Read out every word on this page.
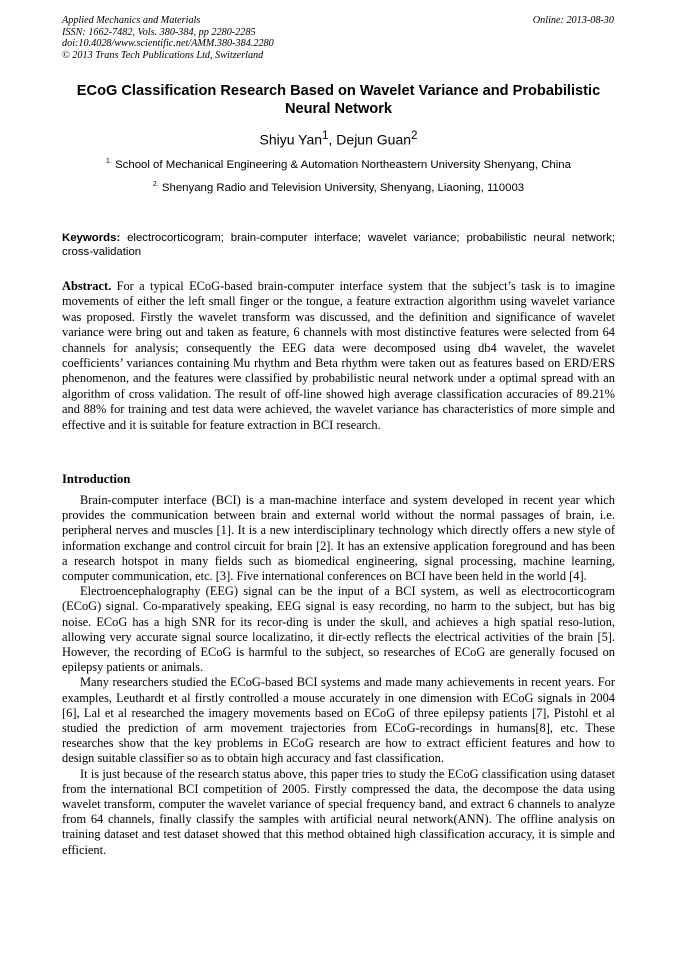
Applied Mechanics and Materials
ISSN: 1662-7482, Vols. 380-384, pp 2280-2285
doi:10.4028/www.scientific.net/AMM.380-384.2280
© 2013 Trans Tech Publications Ltd, Switzerland
Online: 2013-08-30
ECoG Classification Research Based on Wavelet Variance and Probabilistic Neural Network
Shiyu Yan$^1$, Dejun Guan$^2$
$^{1.}$ School of Mechanical Engineering & Automation Northeastern University Shenyang, China
$^{2.}$ Shenyang Radio and Television University, Shenyang, Liaoning, 110003
Keywords: electrocorticogram; brain-computer interface; wavelet variance; probabilistic neural network; cross-validation
Abstract. For a typical ECoG-based brain-computer interface system that the subject’s task is to imagine movements of either the left small finger or the tongue, a feature extraction algorithm using wavelet variance was proposed. Firstly the wavelet transform was discussed, and the definition and significance of wavelet variance were bring out and taken as feature, 6 channels with most distinctive features were selected from 64 channels for analysis; consequently the EEG data were decomposed using db4 wavelet, the wavelet coefficients’ variances containing Mu rhythm and Beta rhythm were taken out as features based on ERD/ERS phenomenon, and the features were classified by probabilistic neural network under a optimal spread with an algorithm of cross validation. The result of off-line showed high average classification accuracies of 89.21% and 88% for training and test data were achieved, the wavelet variance has characteristics of more simple and effective and it is suitable for feature extraction in BCI research.
Introduction

Brain-computer interface (BCI) is a man-machine interface and system developed in recent year which provides the communication between brain and external world without the normal passages of brain, i.e. peripheral nerves and muscles [1]. It is a new interdisciplinary technology which directly offers a new style of information exchange and control circuit for brain [2]. It has an extensive application foreground and has been a research hotspot in many fields such as biomedical engineering, signal processing, machine learning, computer communication, etc. [3]. Five international conferences on BCI have been held in the world [4].

Electroencephalography (EEG) signal can be the input of a BCI system, as well as electrocorticogram (ECoG) signal. Co-mparatively speaking, EEG signal is easy recording, no harm to the subject, but has big noise. ECoG has a high SNR for its recor-ding is under the skull, and achieves a high spatial reso-lution, allowing very accurate signal source localizatino, it dir-ectly reflects the electrical activities of the brain [5]. However, the recording of ECoG is harmful to the subject, so researches of ECoG are generally focused on epilepsy patients or animals.

Many researchers studied the ECoG-based BCI systems and made many achievements in recent years. For examples, Leuthardt et al firstly controlled a mouse accurately in one dimension with ECoG signals in 2004 [6], Lal et al researched the imagery movements based on ECoG of three epilepsy patients [7], Pistohl et al studied the prediction of arm movement trajectories from ECoG-recordings in humans[8], etc. These researches show that the key problems in ECoG research are how to extract efficient features and how to design suitable classifier so as to obtain high accuracy and fast classification.

It is just because of the research status above, this paper tries to study the ECoG classification using dataset from the international BCI competition of 2005. Firstly compressed the data, the decompose the data using wavelet transform, computer the wavelet variance of special frequency band, and extract 6 channels to analyze from 64 channels, finally classify the samples with artificial neural network(ANN). The offline analysis on training dataset and test dataset showed that this method obtained high classification accuracy, it is simple and efficient.
